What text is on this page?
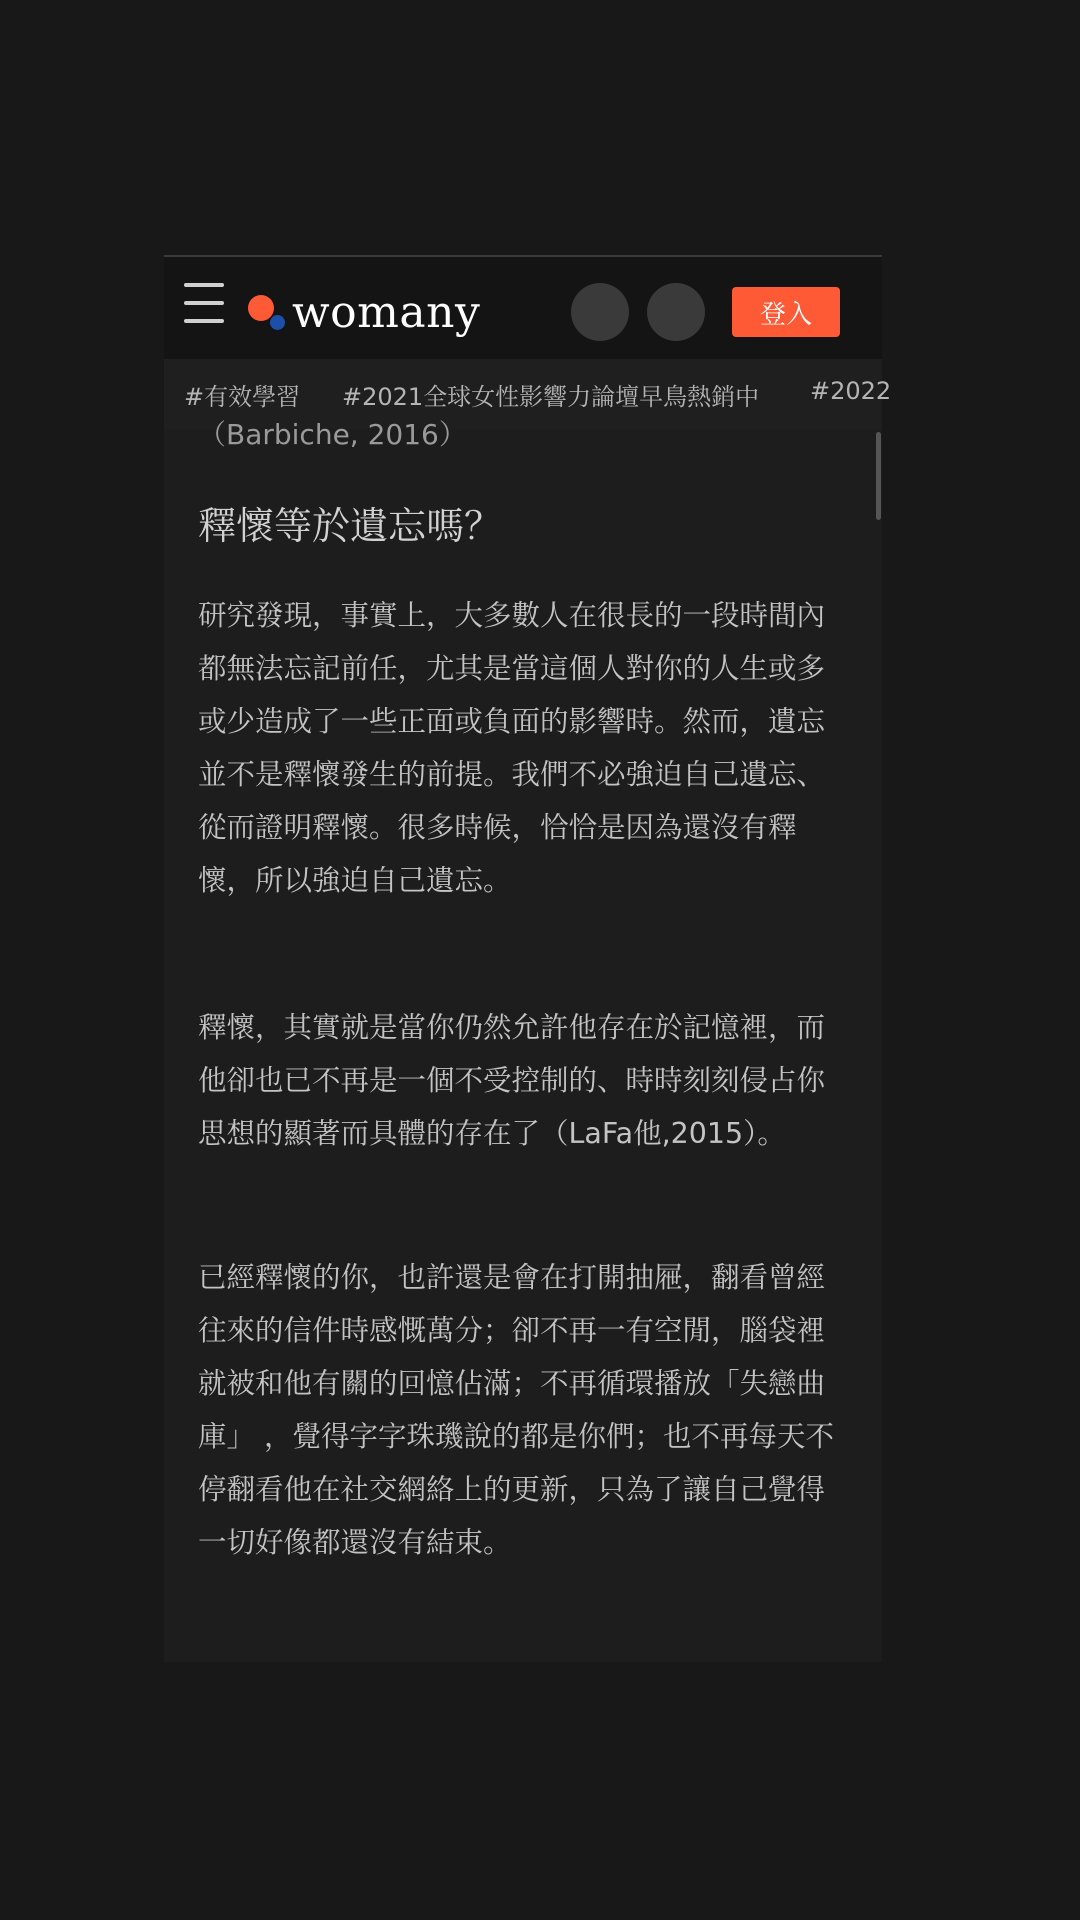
womany	登入
#有效學習 #2021全球女性影響力論壇早鳥熱銷中 #2022
（Barbiche, 2016）
釋懷等於遺忘嗎？

研究發現，事實上，大多數人在很長的一段時間內都無法忘記前任，尤其是當這個人對你的人生或多或少造成了一些正面或負面的影響時。然而，遺忘並不是釋懷發生的前提。我們不必強迫自己遺忘、從而證明釋懷。很多時候，恰恰是因為還沒有釋懷，所以強迫自己遺忘。

釋懷，其實就是當你仍然允許他存在於記憶裡，而他卻也已不再是一個不受控制的、時時刻刻侵占你思想的顯著而具體的存在了（LaFa他,2015）。

已經釋懷的你，也許還是會在打開抽屜，翻看曾經往來的信件時感慨萬分；卻不再一有空閒，腦袋裡就被和他有關的回憶佔滿；不再循環播放「失戀曲庫」 ，覺得字字珠璣說的都是你們；也不再每天不停翻看他在社交網絡上的更新，只為了讓自己覺得一切好像都還沒有結束。
